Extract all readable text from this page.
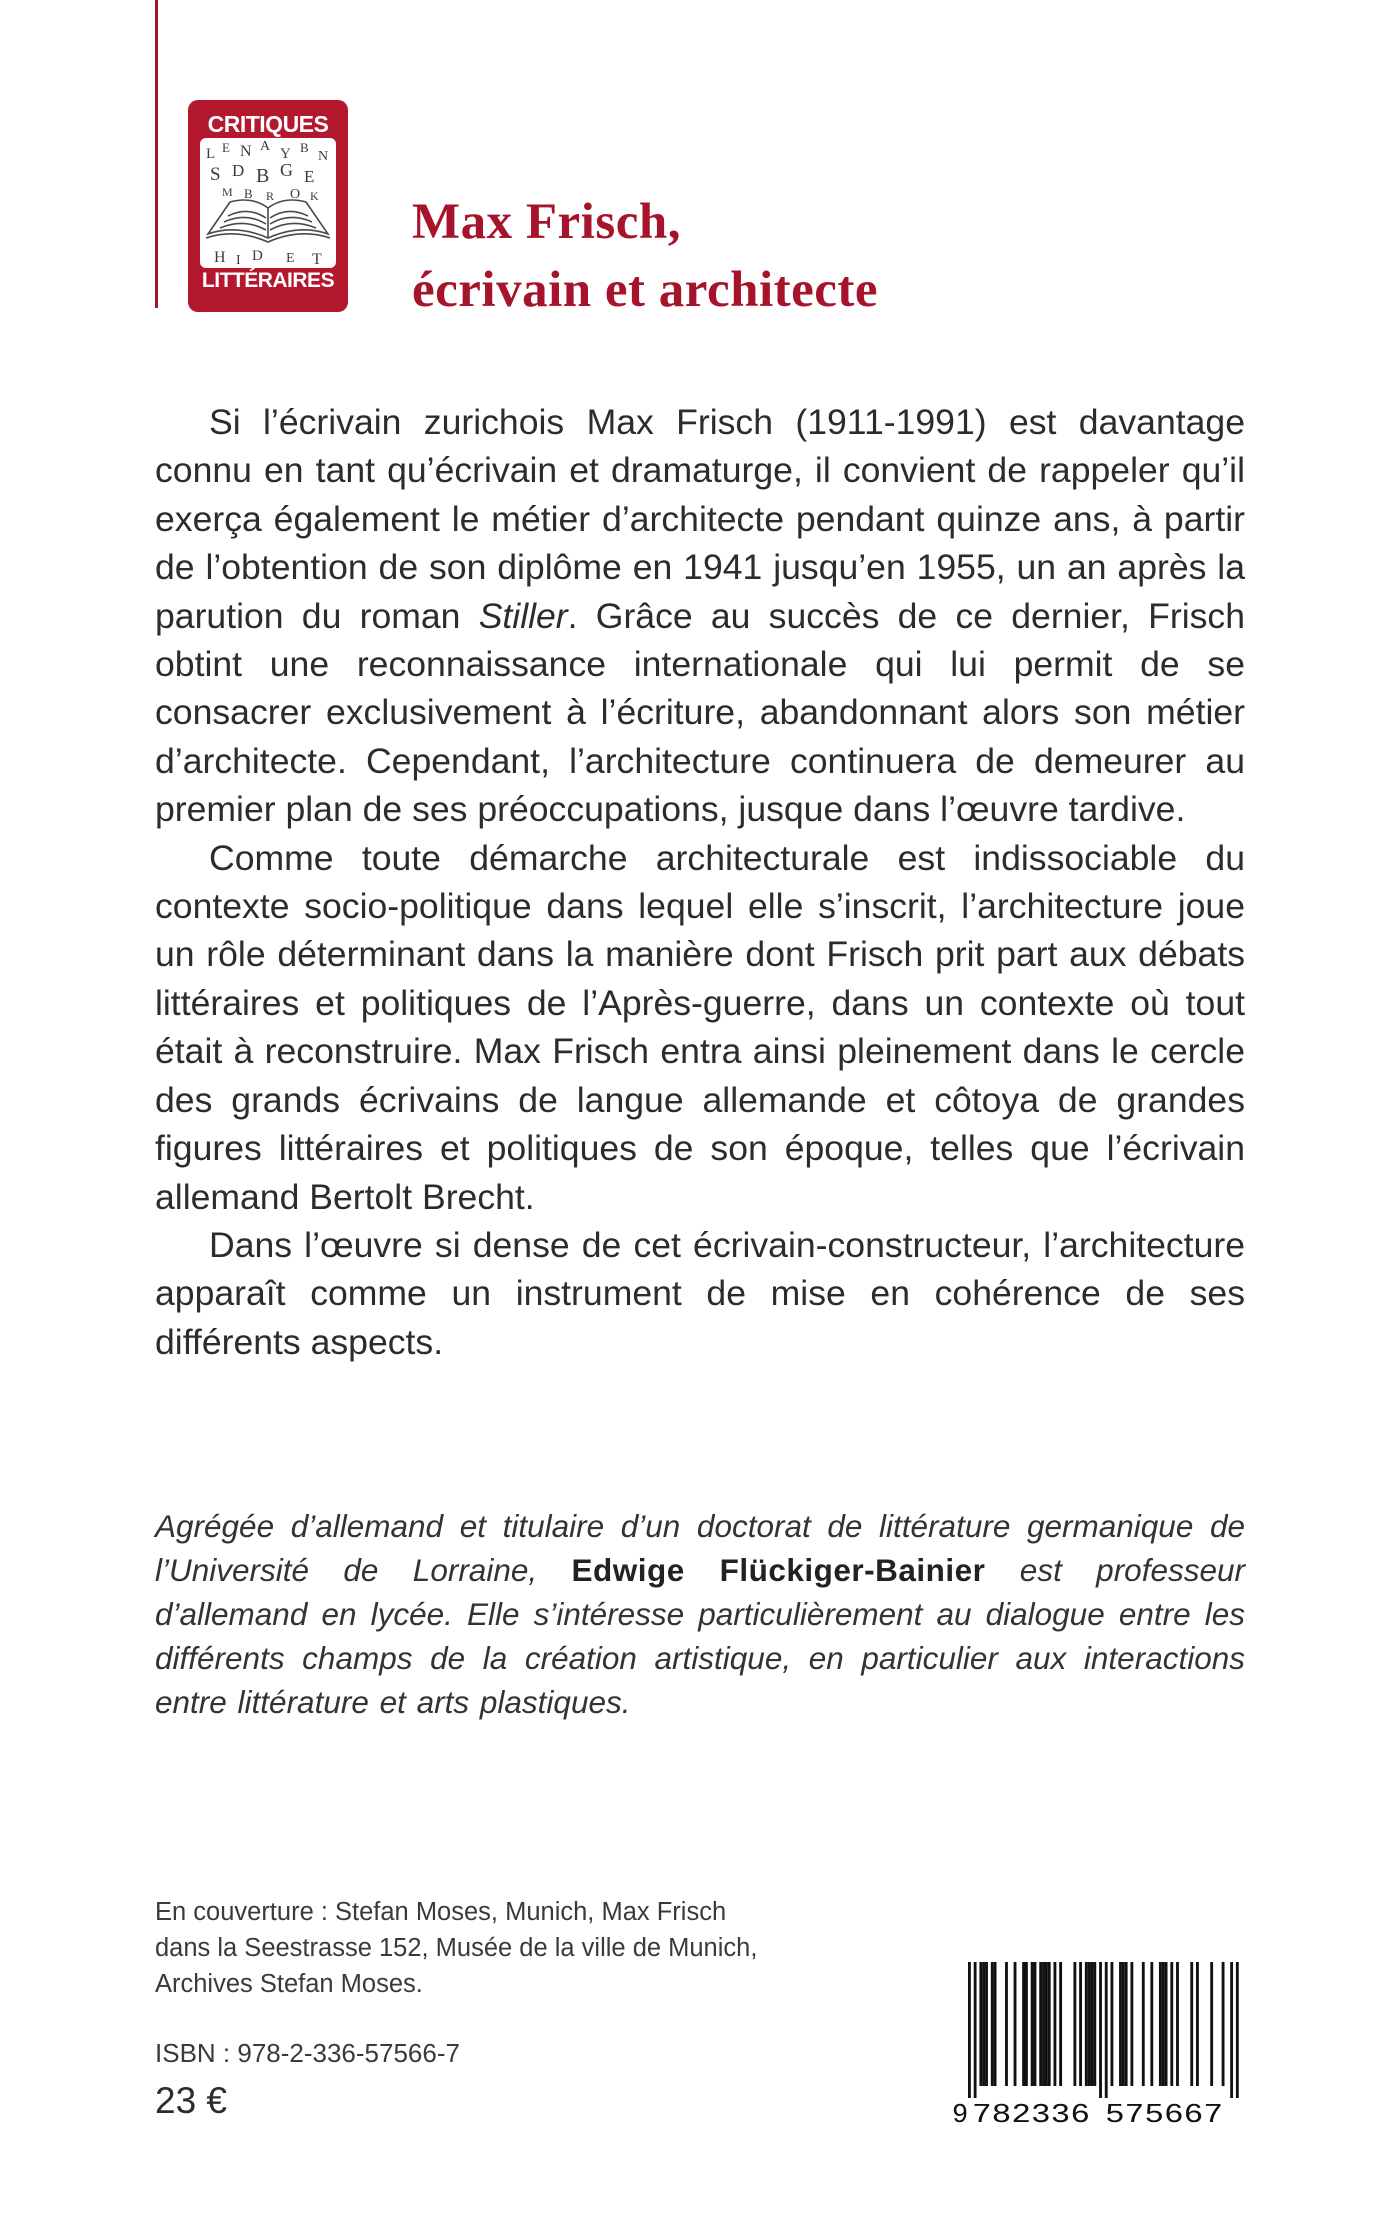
CRITIQUES
L E N A Y B
N
S D B G E
M B R O K
H I D E T
LITTÉRAIRES
Max Frisch,
écrivain et architecte

Si l’écrivain zurichois Max Frisch (1911-1991) est davantage connu en tant qu’écrivain et dramaturge, il convient de rappeler qu’il exerça également le métier d’architecte pendant quinze ans, à partir de l’obtention de son diplôme en 1941 jusqu’en 1955, un an après la parution du roman Stiller. Grâce au succès de ce dernier, Frisch obtint une reconnaissance internationale qui lui permit de se consacrer exclusivement à l’écriture, abandonnant alors son métier d’architecte. Cependant, l’architecture continuera de demeurer au premier plan de ses préoccupations, jusque dans l’œuvre tardive.

Comme toute démarche architecturale est indissociable du contexte socio-politique dans lequel elle s’inscrit, l’architecture joue un rôle déterminant dans la manière dont Frisch prit part aux débats littéraires et politiques de l’Après-guerre, dans un contexte où tout était à reconstruire. Max Frisch entra ainsi pleinement dans le cercle des grands écrivains de langue allemande et côtoya de grandes figures littéraires et politiques de son époque, telles que l’écrivain allemand Bertolt Brecht.

Dans l’œuvre si dense de cet écrivain-constructeur, l’architecture apparaît comme un instrument de mise en cohérence de ses différents aspects.

Agrégée d’allemand et titulaire d’un doctorat de littérature germanique de l’Université de Lorraine, Edwige Flückiger-Bainier est professeur d’allemand en lycée. Elle s’intéresse particulièrement au dialogue entre les différents champs de la création artistique, en particulier aux interactions entre littérature et arts plastiques.
En couverture : Stefan Moses, Munich, Max Frisch
dans la Seestrasse 152, Musée de la ville de Munich,
Archives Stefan Moses.
ISBN : 978-2-336-57566-7
23 €	9 782336 575667
